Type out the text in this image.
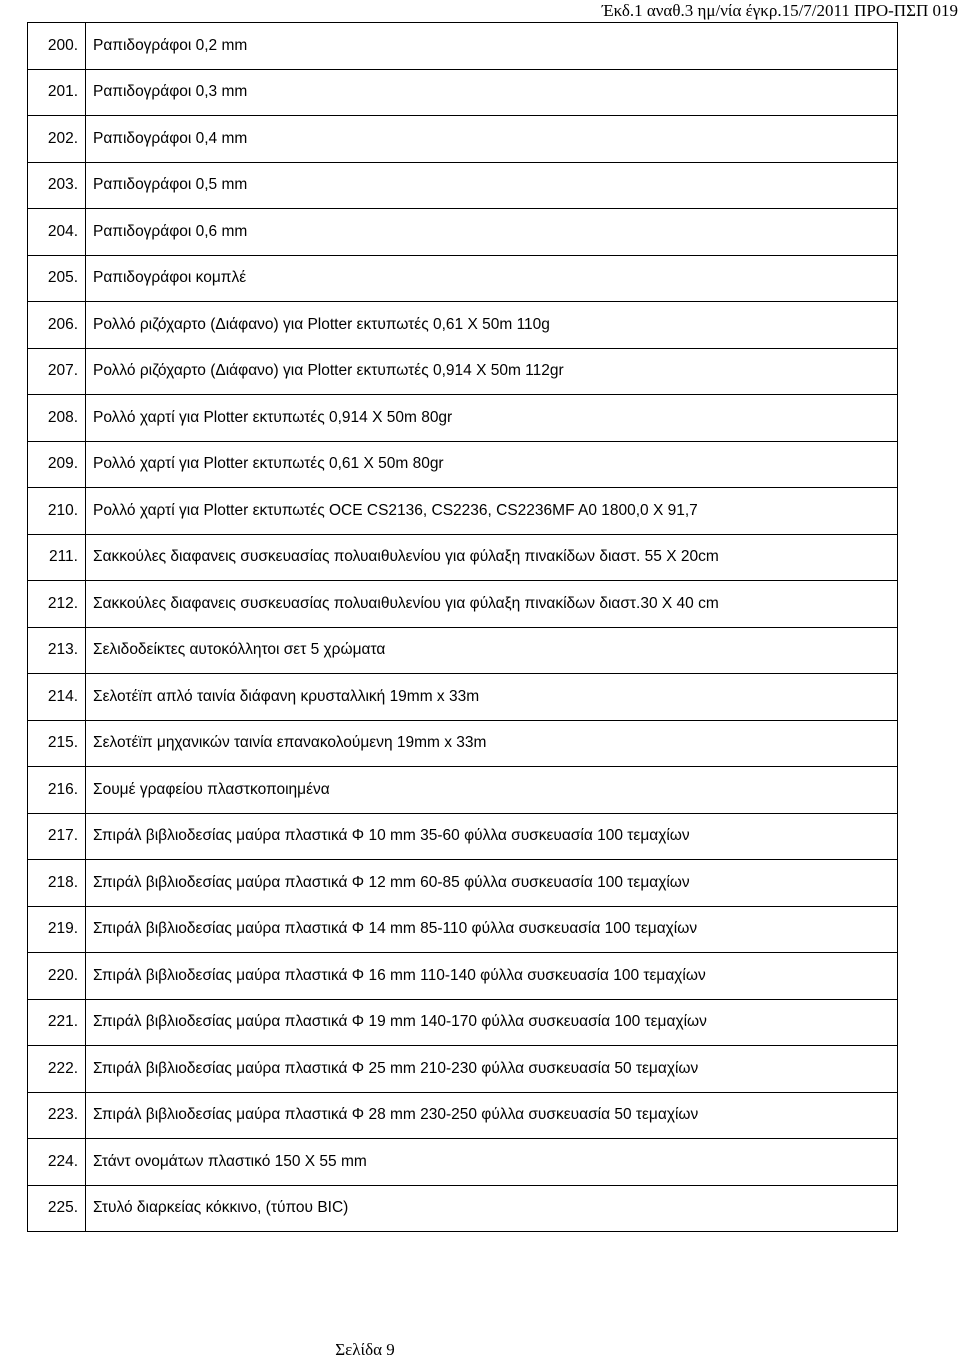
Έκδ.1 αναθ.3 ημ/νία έγκρ.15/7/2011 ΠΡΟ-ΠΣΠ 019
200.	Ραπιδογράφοι 0,2 mm
201.	Ραπιδογράφοι 0,3 mm
202.	Ραπιδογράφοι 0,4 mm
203.	Ραπιδογράφοι 0,5 mm
204.	Ραπιδογράφοι 0,6 mm
205.	Ραπιδογράφοι κομπλέ
206.	Ρολλό ριζόχαρτο (Διάφανο) για Plotter εκτυπωτές 0,61 Χ 50m 110g
207.	Ρολλό ριζόχαρτο (Διάφανο) για Plotter εκτυπωτές 0,914 Χ 50m 112gr
208.	Ρολλό χαρτί για Plotter εκτυπωτές 0,914 Χ 50m 80gr
209.	Ρολλό χαρτί για Plotter εκτυπωτές 0,61 Χ 50m 80gr
210.	Ρολλό χαρτί για Plotter εκτυπωτές OCE CS2136, CS2236, CS2236MF A0 1800,0 Χ 91,7
211.	Σακκούλες διαφανεις συσκευασίας πολυαιθυλενίου για φύλαξη πινακίδων διαστ. 55 Χ 20cm
212.	Σακκούλες διαφανεις συσκευασίας πολυαιθυλενίου για φύλαξη πινακίδων διαστ.30 Χ 40 cm
213.	Σελιδοδείκτες αυτοκόλλητοι σετ 5 χρώματα
214.	Σελοτέϊπ απλό ταινία διάφανη κρυσταλλική 19mm x 33m
215.	Σελοτέϊπ μηχανικών ταινία επανακολούμενη 19mm x 33m
216.	Σουμέ γραφείου πλαστκοποιημένα
217.	Σπιράλ βιβλιοδεσίας μαύρα πλαστικά Φ 10 mm 35-60 φύλλα συσκευασία 100 τεμαχίων
218.	Σπιράλ βιβλιοδεσίας μαύρα πλαστικά Φ 12 mm 60-85 φύλλα συσκευασία 100 τεμαχίων
219.	Σπιράλ βιβλιοδεσίας μαύρα πλαστικά Φ 14 mm 85-110 φύλλα συσκευασία 100 τεμαχίων
220.	Σπιράλ βιβλιοδεσίας μαύρα πλαστικά Φ 16 mm 110-140 φύλλα συσκευασία 100 τεμαχίων
221.	Σπιράλ βιβλιοδεσίας μαύρα πλαστικά Φ 19 mm 140-170 φύλλα συσκευασία 100 τεμαχίων
222.	Σπιράλ βιβλιοδεσίας μαύρα πλαστικά Φ 25 mm 210-230 φύλλα συσκευασία 50 τεμαχίων
223.	Σπιράλ βιβλιοδεσίας μαύρα πλαστικά Φ 28 mm 230-250 φύλλα συσκευασία 50 τεμαχίων
224.	Στάντ ονομάτων πλαστικό 150 Χ 55 mm
225.	Στυλό διαρκείας κόκκινο, (τύπου BIC)
Σελίδα 9
